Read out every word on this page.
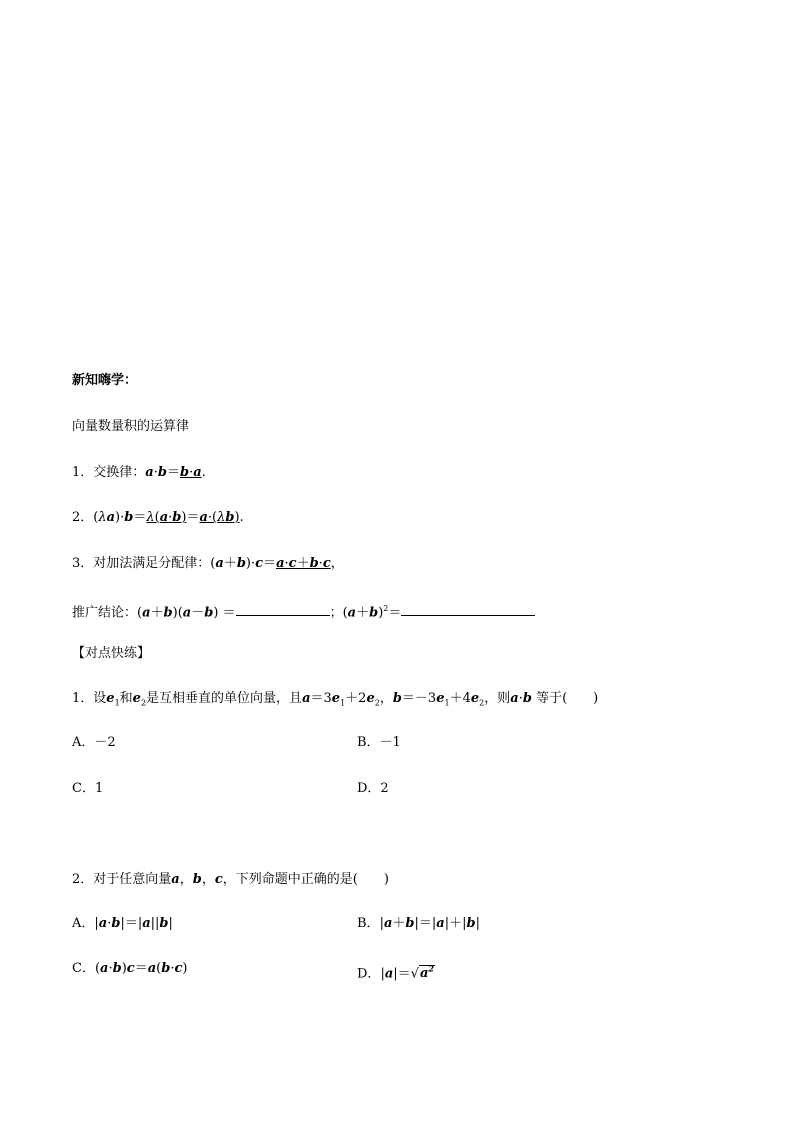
新知嗨学：
向量数量积的运算律
1．交换律：a·b＝b·a.
2．(λa)·b＝λ(a·b)＝a·(λb).
3．对加法满足分配律：(a＋b)·c＝a·c＋b·c，
推广结论：(a＋b)(a－b) ＝	；$(a+b)^2=$
【对点快练】
1．设$e_1$和$e_2$是互相垂直的单位向量，且$a=3e_1+2e_2$，$b=-3e_1+4e_2$，则a·b 等于(　　)
A．－2	B．－1
C．1	D．2
2．对于任意向量a，b，c，下列命题中正确的是(　　)
A．|a·b|＝|a||b|	B．|a＋b|＝|a|＋|b|
C．(a·b)c＝a(b·c)	D．$|a|=√a^2$
